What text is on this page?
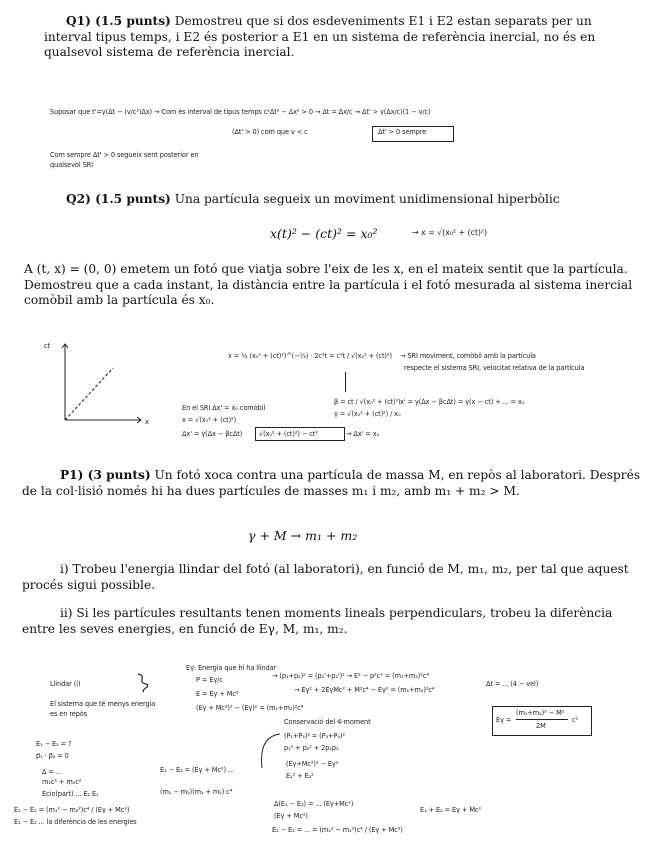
Q1) (1.5 punts) Demostreu que si dos esdeveniments E1 i E2 estan separats per un interval tipus temps, i E2 és posterior a E1 en un sistema de referència inercial, no és en qualsevol sistema de referència inercial.
Suposar que t'=γ(Δt − (v/c²)Δx) → Com és interval de tipus temps c²Δt² − Δx² > 0 → Δt = Δx/c → Δt' > γ(Δx/c)(1 − v/c)
(Δt' > 0) com que v < c	Δt' > 0 sempre
Com sempre Δt' > 0 segueix sent posterior en qualsevol SRI
Q2) (1.5 punts) Una partícula segueix un moviment unidimensional hiperbòlic
x(t)² − (ct)² = x₀²	→ x = √(x₀² + (ct)²)
A (t, x) = (0, 0) emetem un fotó que viatja sobre l'eix de les x, en el mateix sentit que la partícula. Demostreu que a cada instant, la distància entre la partícula i el fotó mesurada al sistema inercial comòbil amb la partícula és x₀.
ct
x
ẋ = ½ (x₀² + (ct)²)^(−½) · 2c²t = c²t / √(x₀² + (ct)²) → SRI moviment, comòbil amb la partícula
respecte el sistema SRI, velocitat relativa de la partícula
β = ct / √(x₀² + (ct)²)
γ = √(x₀² + (ct)²) / x₀
x' = γ(Δx − βcΔt) = γ(x − ct) + ... = x₀
En el SRI ∆x' = x₀ comòbil
x = √(x₀² + (ct)²)
Δx' = γ(Δx − βcΔt)	√(x₀² + (ct)²) − ct²	→ Δx' = x₀
P1) (3 punts) Un fotó xoca contra una partícula de massa M, en repòs al laboratori. Després de la col·lisió només hi ha dues partícules de masses m₁ i m₂, amb m₁ + m₂ > M.
γ + M → m₁ + m₂
i) Trobeu l'energia llindar del fotó (al laboratori), en funció de M, m₁, m₂, per tal que aquest procés sigui possible.
ii) Si les partícules resultants tenen moments lineals perpendiculars, trobeu la diferència entre les seves energies, en funció de Eγ, M, m₁, m₂.
Llindar (i)
El sistema que té menys energia
es en repòs
Eγ: Energia que hi ha llindar
P = Eγ/c
E = Eγ + Mc²
(Eγ + Mc²)² − (Eγ)² = (m₁+m₂)²c⁴
→ (p₁+p₂)² = (p₁'+p₂')² → E² − p²c² = (m₁+m₂)²c⁴
→ Eγ² + 2EγMc² + M²c⁴ − Eγ² = (m₁+m₂)²c⁴
Eγ =
(m₁+m₂)² − M²
2M
c²
Conservació del 4-moment
(P₁+P₂)² = (P₃+P₄)²
p₁² + p₂² + 2p₁p₂
E₁ − E₂ = ?
p⃗₁ · p⃗₂ = 0
(Eγ+Mc²)² − Eγ²
E₁² + E₂²
Δ = ...
m₁c² + m₂c²
Ecin(part) ... E₁ E₂
E₁ − E₂ = (Eγ + Mc²) ...
(m₁ − m₂)(m₁ + m₂) c⁴
E₁ − E₂ = (m₁² − m₂²)c⁴ / (Eγ + Mc²)
E₁ − E₂ ... la diferència de les energies
Δ(E₁ − E₂) = ... (Eγ+Mc²)
(Eγ + Mc²)
E₁ + E₂ = Eγ + Mc²
E₂ − E₁ = ... = (m₂² − m₁²)c⁴ / (Eγ + Mc²)
Δt = ... (4 − vel)
